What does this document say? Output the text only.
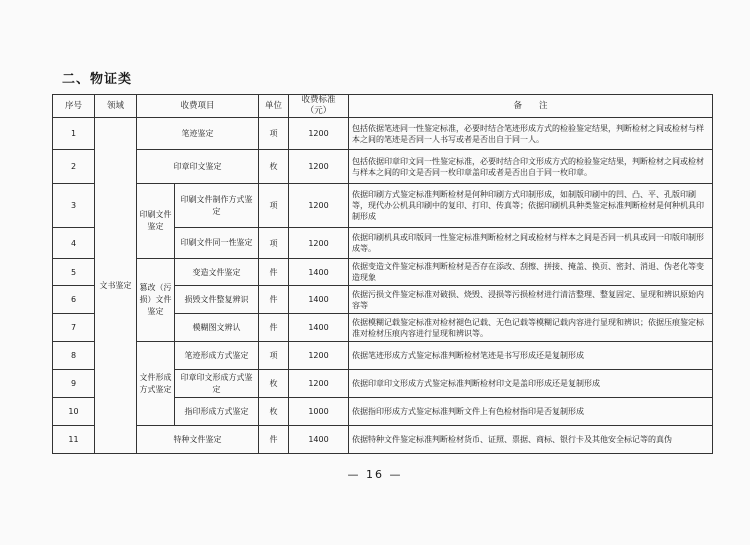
二、物证类
序号	领域	收费项目		单位	收费标准（元）	备　　注
1	文书鉴定	笔迹鉴定		项	1200	包括依据笔迹同一性鉴定标准，必要时结合笔迹形成方式的检验鉴定结果，判断检材之间或检材与样本之间的笔迹是否同一人书写或者是否出自于同一人。
2		印章印文鉴定		枚	1200	包括依据印章印文同一性鉴定标准，必要时结合印文形成方式的检验鉴定结果，判断检材之间或检材与样本之间的印文是否同一枚印章盖印或者是否出自于同一枚印章。
3		印刷文件鉴定	印刷文件制作方式鉴定	项	1200	依据印刷方式鉴定标准判断检材是何种印刷方式印制形成，如制版印刷中的凹、凸、平、孔版印刷等，现代办公机具印刷中的复印、打印、传真等；依据印刷机具种类鉴定标准判断检材是何种机具印制形成
4			印刷文件同一性鉴定	项	1200	依据印刷机具或印版同一性鉴定标准判断检材之间或检材与样本之间是否同一机具或同一印版印制形成等。
5		篡改（污损）文件鉴定	变造文件鉴定	件	1400	依据变造文件鉴定标准判断检材是否存在添改、刮擦、拼接、掩盖、换页、密封、消退、伪老化等变造现象
6			损毁文件整复辨识	件	1400	依据污损文件鉴定标准对破损、烧毁、浸损等污损检材进行清洁整理、整复固定、显现和辨识原始内容等
7			模糊图文辨认	件	1400	依据模糊记载鉴定标准对检材褪色记载、无色记载等模糊记载内容进行显现和辨识；依据压痕鉴定标准对检材压痕内容进行显现和辨识等。
8		文件形成方式鉴定	笔迹形成方式鉴定	项	1200	依据笔迹形成方式鉴定标准判断检材笔迹是书写形成还是复制形成
9			印章印文形成方式鉴定	枚	1200	依据印章印文形成方式鉴定标准判断检材印文是盖印形成还是复制形成
10			指印形成方式鉴定	枚	1000	依据指印形成方式鉴定标准判断文件上有色检材指印是否复制形成
11		特种文件鉴定		件	1400	依据特种文件鉴定标准判断检材货币、证照、票据、商标、银行卡及其他安全标记等的真伪
— 16 —
